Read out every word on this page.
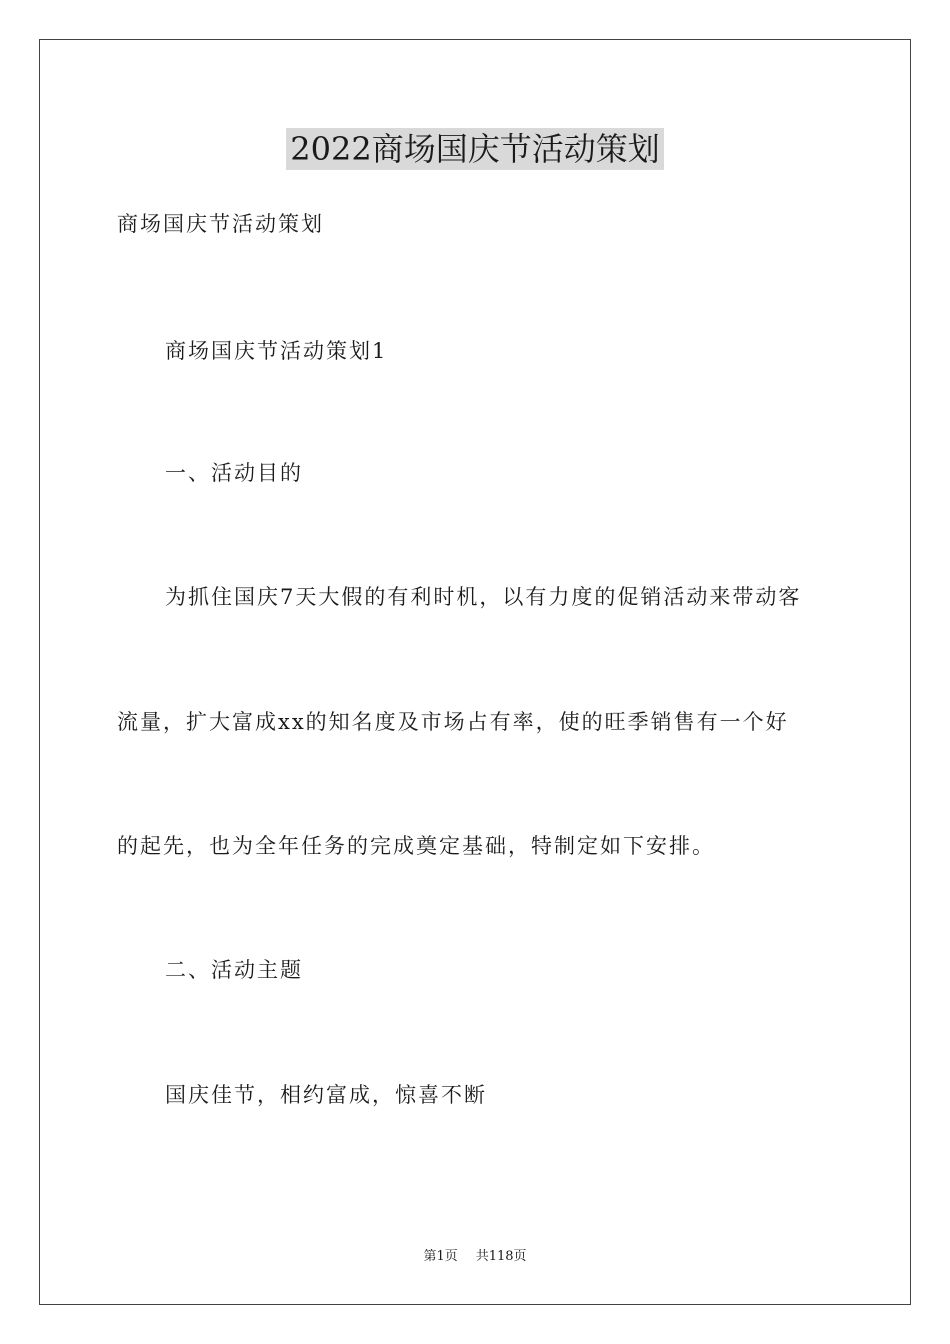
2022商场国庆节活动策划
商场国庆节活动策划
商场国庆节活动策划1
一、活动目的
为抓住国庆7天大假的有利时机，以有力度的促销活动来带动客
流量，扩大富成xx的知名度及市场占有率，使的旺季销售有一个好
的起先，也为全年任务的完成奠定基础，特制定如下安排。
二、活动主题
国庆佳节，相约富成，惊喜不断
第1页 共118页
